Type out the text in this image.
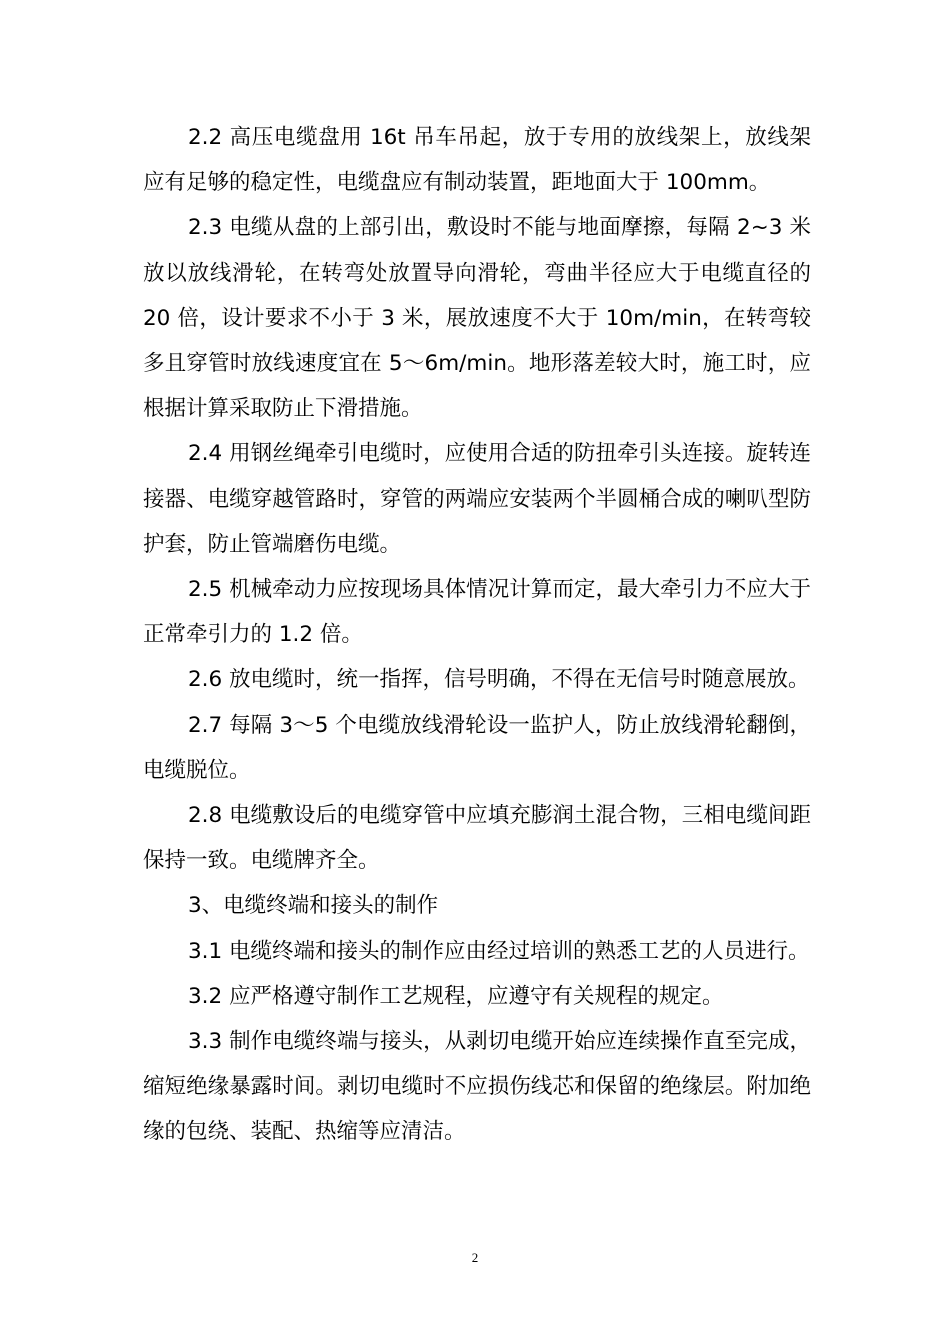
2.2 高压电缆盘用 16t 吊车吊起，放于专用的放线架上，放线架应有足够的稳定性，电缆盘应有制动装置，距地面大于 100mm。

2.3 电缆从盘的上部引出，敷设时不能与地面摩擦，每隔 2~3 米放以放线滑轮，在转弯处放置导向滑轮，弯曲半径应大于电缆直径的 20 倍，设计要求不小于 3 米，展放速度不大于 10m/min，在转弯较多且穿管时放线速度宜在 5～6m/min。地形落差较大时，施工时，应根据计算采取防止下滑措施。

2.4 用钢丝绳牵引电缆时，应使用合适的防扭牵引头连接。旋转连接器、电缆穿越管路时，穿管的两端应安装两个半圆桶合成的喇叭型防护套，防止管端磨伤电缆。

2.5 机械牵动力应按现场具体情况计算而定，最大牵引力不应大于正常牵引力的 1.2 倍。

2.6 放电缆时，统一指挥，信号明确，不得在无信号时随意展放。

2.7 每隔 3～5 个电缆放线滑轮设一监护人，防止放线滑轮翻倒，电缆脱位。

2.8 电缆敷设后的电缆穿管中应填充膨润土混合物，三相电缆间距保持一致。电缆牌齐全。

3、电缆终端和接头的制作

3.1 电缆终端和接头的制作应由经过培训的熟悉工艺的人员进行。

3.2 应严格遵守制作工艺规程，应遵守有关规程的规定。

3.3 制作电缆终端与接头，从剥切电缆开始应连续操作直至完成，缩短绝缘暴露时间。剥切电缆时不应损伤线芯和保留的绝缘层。附加绝缘的包绕、装配、热缩等应清洁。

2
